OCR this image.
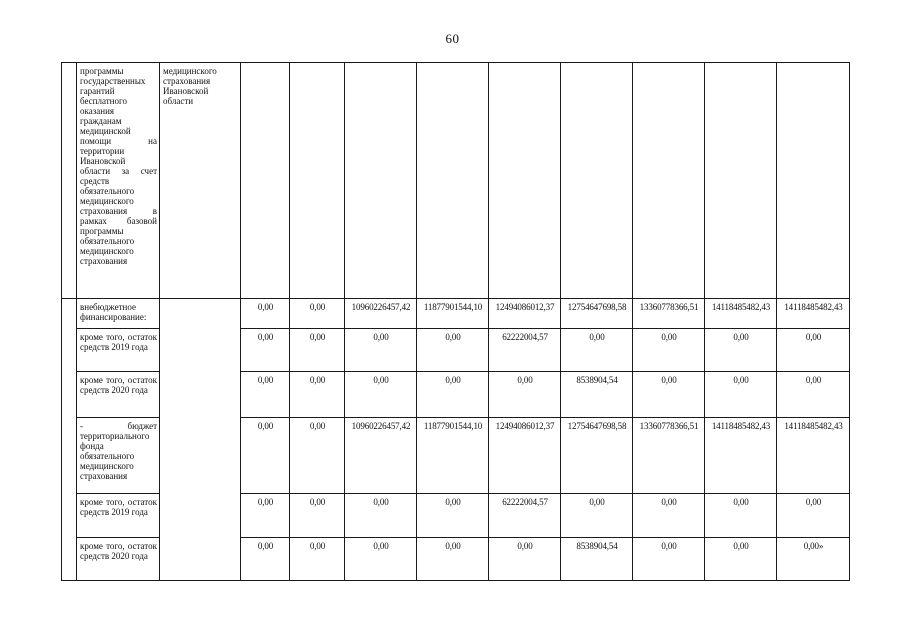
60
	программы государственных гарантий бесплатного оказания гражданам медицинской помощи на территории Ивановской области за счет средств обязательного медицинского страхования в рамках базовой программы обязательного медицинского страхования	медицинского страхования Ивановской области									
	внебюджетное финансирование:		0,00	0,00	10960226457,42	11877901544,10	12494086012,37	12754647698,58	13360778366,51	14118485482,43	14118485482,43
	кроме того, остаток средств 2019 года		0,00	0,00	0,00	0,00	62222004,57	0,00	0,00	0,00	0,00
	кроме того, остаток средств 2020 года		0,00	0,00	0,00	0,00	0,00	8538904,54	0,00	0,00	0,00
	- бюджет территориального фонда обязательного медицинского страхования		0,00	0,00	10960226457,42	11877901544,10	12494086012,37	12754647698,58	13360778366,51	14118485482,43	14118485482,43
	кроме того, остаток средств 2019 года		0,00	0,00	0,00	0,00	62222004,57	0,00	0,00	0,00	0,00
	кроме того, остаток средств 2020 года		0,00	0,00	0,00	0,00	0,00	8538904,54	0,00	0,00	0,00»
